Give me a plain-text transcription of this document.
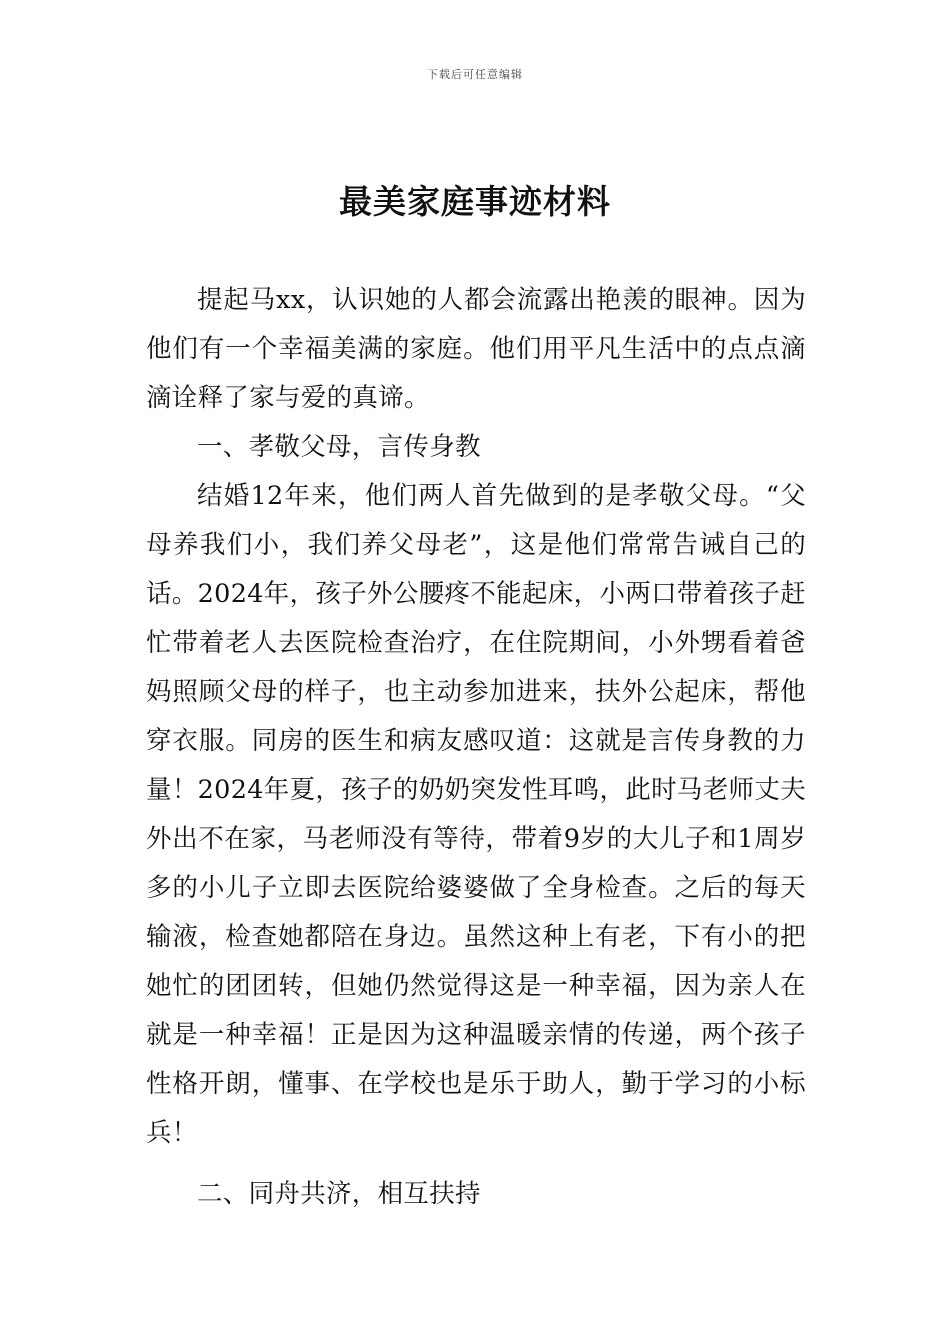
下载后可任意编辑
最美家庭事迹材料

提起马xx，认识她的人都会流露出艳羡的眼神。因为他们有一个幸福美满的家庭。他们用平凡生活中的点点滴滴诠释了家与爱的真谛。

一、孝敬父母，言传身教

结婚12年来，他们两人首先做到的是孝敬父母。“父母养我们小，我们养父母老”，这是他们常常告诫自己的话。2024年，孩子外公腰疼不能起床，小两口带着孩子赶忙带着老人去医院检查治疗，在住院期间，小外甥看着爸妈照顾父母的样子，也主动参加进来，扶外公起床，帮他穿衣服。同房的医生和病友感叹道：这就是言传身教的力量！2024年夏，孩子的奶奶突发性耳鸣，此时马老师丈夫外出不在家，马老师没有等待，带着9岁的大儿子和1周岁多的小儿子立即去医院给婆婆做了全身检查。之后的每天输液，检查她都陪在身边。虽然这种上有老，下有小的把她忙的团团转，但她仍然觉得这是一种幸福，因为亲人在就是一种幸福！正是因为这种温暖亲情的传递，两个孩子性格开朗，懂事、在学校也是乐于助人，勤于学习的小标兵！

二、同舟共济，相互扶持
